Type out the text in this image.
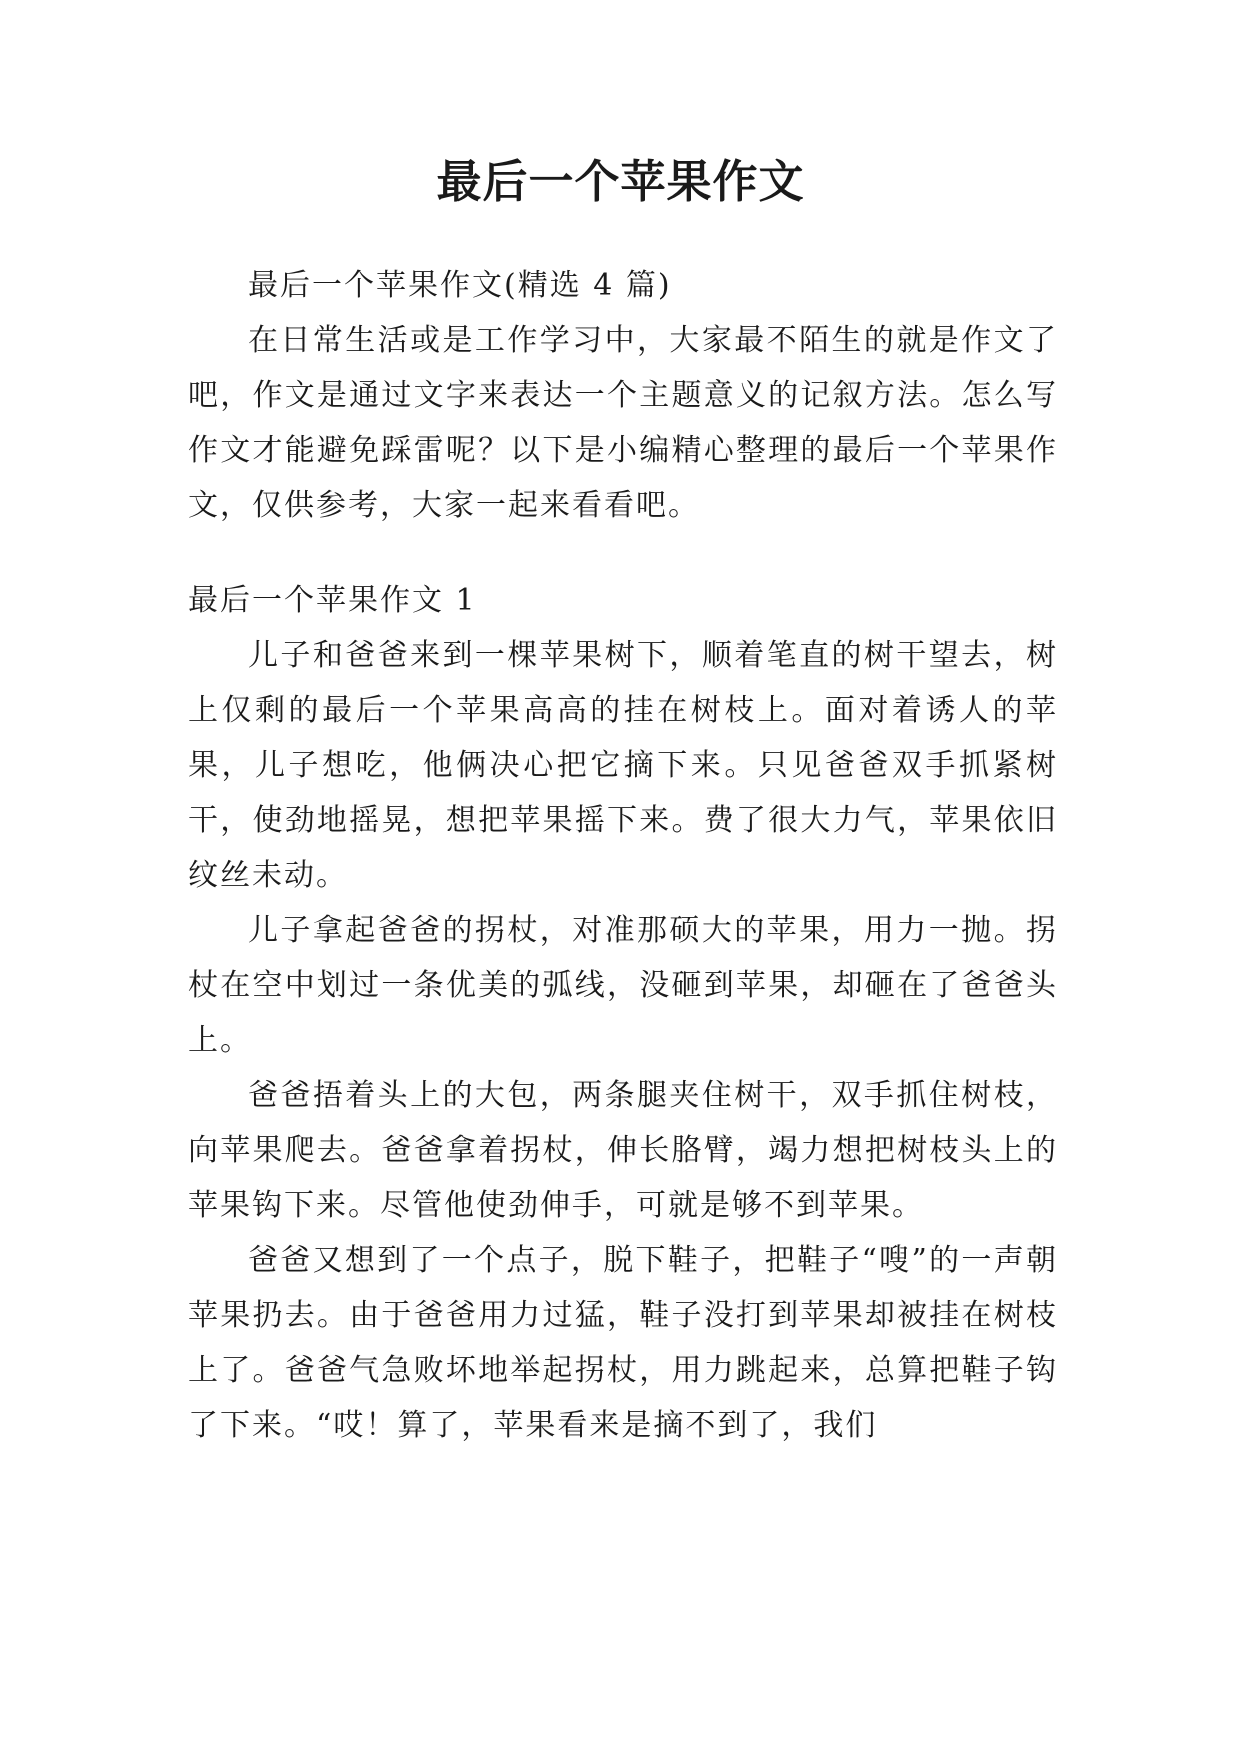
最后一个苹果作文

最后一个苹果作文(精选 4 篇)

在日常生活或是工作学习中，大家最不陌生的就是作文了吧，作文是通过文字来表达一个主题意义的记叙方法。怎么写作文才能避免踩雷呢？以下是小编精心整理的最后一个苹果作文，仅供参考，大家一起来看看吧。

最后一个苹果作文 1

儿子和爸爸来到一棵苹果树下，顺着笔直的树干望去，树上仅剩的最后一个苹果高高的挂在树枝上。面对着诱人的苹果，儿子想吃，他俩决心把它摘下来。只见爸爸双手抓紧树干，使劲地摇晃，想把苹果摇下来。费了很大力气，苹果依旧纹丝未动。

儿子拿起爸爸的拐杖，对准那硕大的苹果，用力一抛。拐杖在空中划过一条优美的弧线，没砸到苹果，却砸在了爸爸头上。

爸爸捂着头上的大包，两条腿夹住树干，双手抓住树枝，向苹果爬去。爸爸拿着拐杖，伸长胳臂，竭力想把树枝头上的苹果钩下来。尽管他使劲伸手，可就是够不到苹果。

爸爸又想到了一个点子，脱下鞋子，把鞋子“嗖”的一声朝苹果扔去。由于爸爸用力过猛，鞋子没打到苹果却被挂在树枝上了。爸爸气急败坏地举起拐杖，用力跳起来，总算把鞋子钩了下来。“哎！算了，苹果看来是摘不到了，我们
